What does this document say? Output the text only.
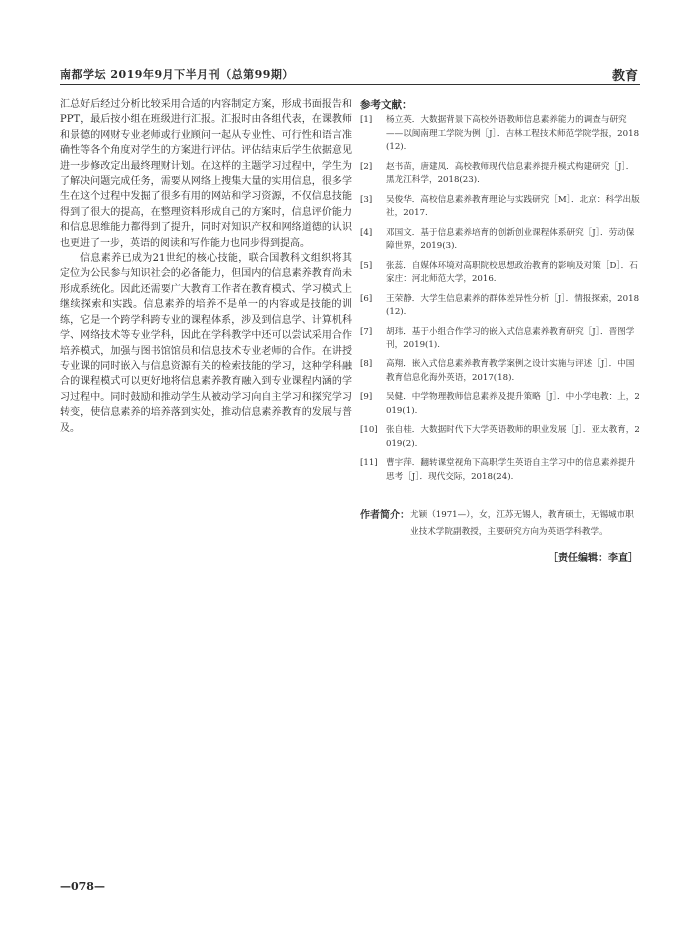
南都学坛 2019年9月下半月刊（总第99期）	教育

汇总好后经过分析比较采用合适的内容制定方案，形成书面报告和PPT，最后按小组在班级进行汇报。汇报时由各组代表，在课教师和景德的网财专业老师或行业顾问一起从专业性、可行性和语言准确性等各个角度对学生的方案进行评估。评估结束后学生依据意见进一步修改定出最终理财计划。在这样的主题学习过程中，学生为了解决问题完成任务，需要从网络上搜集大量的实用信息，很多学生在这个过程中发掘了很多有用的网站和学习资源，不仅信息技能得到了很大的提高，在整理资料形成自己的方案时，信息评价能力和信息思维能力都得到了提升，同时对知识产权和网络道德的认识也更进了一步，英语的阅读和写作能力也同步得到提高。

信息素养已成为21世纪的核心技能，联合国教科文组织将其定位为公民参与知识社会的必备能力，但国内的信息素养教育尚未形成系统化。因此还需要广大教育工作者在教育模式、学习模式上继续探索和实践。信息素养的培养不是单一的内容或是技能的训练，它是一个跨学科跨专业的课程体系，涉及到信息学、计算机科学、网络技术等专业学科，因此在学科教学中还可以尝试采用合作培养模式，加强与图书馆馆员和信息技术专业老师的合作。在讲授专业课的同时嵌入与信息资源有关的检索技能的学习，这种学科融合的课程模式可以更好地将信息素养教育融入到专业课程内涵的学习过程中。同时鼓励和推动学生从被动学习向自主学习和探究学习转变，使信息素养的培养落到实处，推动信息素养教育的发展与普及。

参考文献：
[1]	杨立英．大数据背景下高校外语教师信息素养能力的调查与研究——以闽南理工学院为例［J］．吉林工程技术师范学院学报，2018(12).
[2]	赵书苗，唐建凤．高校教师现代信息素养提升模式构建研究［J］．黑龙江科学，2018(23).
[3]	吴俊华．高校信息素养教育理论与实践研究［M］．北京：科学出版社，2017.
[4]	邓国文．基于信息素养培育的创新创业课程体系研究［J］．劳动保障世界，2019(3).
[5]	张蕊．自媒体环境对高职院校思想政治教育的影响及对策［D］．石家庄：河北师范大学，2016.
[6]	王荣静．大学生信息素养的群体差异性分析［J］．情报探索，2018(12).
[7]	胡玮．基于小组合作学习的嵌入式信息素养教育研究［J］．晋图学刊，2019(1).
[8]	高翔．嵌入式信息素养教育教学案例之设计实施与评述［J］．中国教育信息化海外英语，2017(18).
[9]	吴健．中学物理教师信息素养及提升策略［J］．中小学电教：上，2019(1).
[10] 张自桂．大数据时代下大学英语教师的职业发展［J］．亚太教育，2019(2).
[11] 曹宇萍．翻转课堂视角下高职学生英语自主学习中的信息素养提升思考［J］．现代交际，2018(24).
作者简介： 尤颖（1971—），女，江苏无锡人，教育硕士，无锡城市职业技术学院副教授，主要研究方向为英语学科教学。
［责任编辑：李直］
—078—
